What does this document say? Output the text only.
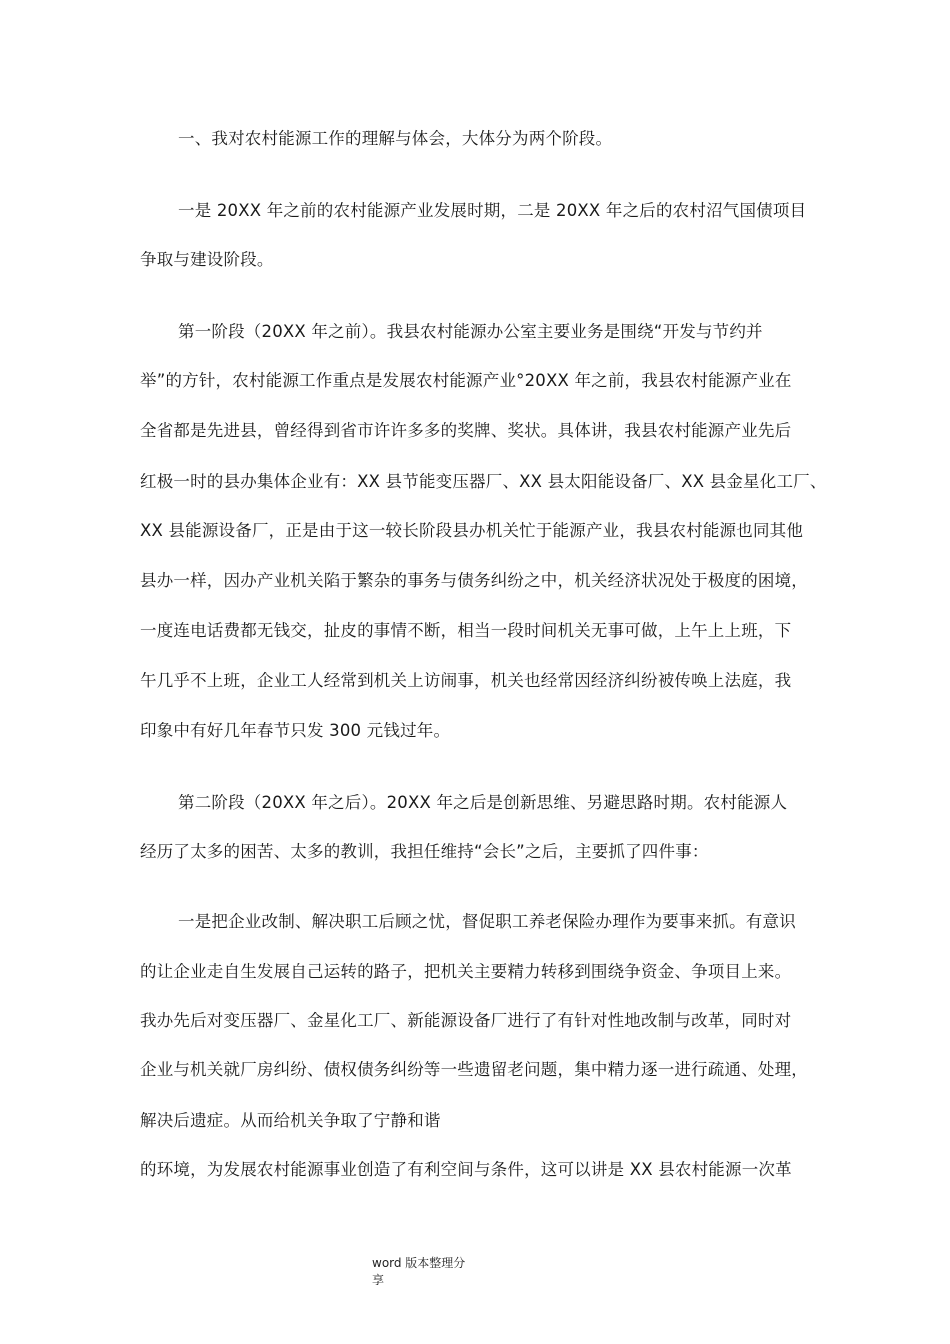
一、我对农村能源工作的理解与体会，大体分为两个阶段。
一是 20XX 年之前的农村能源产业发展时期，二是 20XX 年之后的农村沼气国债项目
争取与建设阶段。
第一阶段（20XX 年之前）。我县农村能源办公室主要业务是围绕“开发与节约并
举”的方针，农村能源工作重点是发展农村能源产业°20XX 年之前，我县农村能源产业在
全省都是先进县，曾经得到省市许许多多的奖牌、奖状。具体讲，我县农村能源产业先后
红极一时的县办集体企业有：XX 县节能变压器厂、XX 县太阳能设备厂、XX 县金星化工厂、
XX 县能源设备厂，正是由于这一较长阶段县办机关忙于能源产业，我县农村能源也同其他
县办一样，因办产业机关陷于繁杂的事务与债务纠纷之中，机关经济状况处于极度的困境，
一度连电话费都无钱交，扯皮的事情不断，相当一段时间机关无事可做，上午上上班，下
午几乎不上班，企业工人经常到机关上访闹事，机关也经常因经济纠纷被传唤上法庭，我
印象中有好几年春节只发 300 元钱过年。
第二阶段（20XX 年之后）。20XX 年之后是创新思维、另避思路时期。农村能源人
经历了太多的困苦、太多的教训，我担任维持“会长”之后，主要抓了四件事：
一是把企业改制、解决职工后顾之忧，督促职工养老保险办理作为要事来抓。有意识
的让企业走自生发展自己运转的路子，把机关主要精力转移到围绕争资金、争项目上来。
我办先后对变压器厂、金星化工厂、新能源设备厂进行了有针对性地改制与改革，同时对
企业与机关就厂房纠纷、债权债务纠纷等一些遗留老问题，集中精力逐一进行疏通、处理，
解决后遗症。从而给机关争取了宁静和谐
的环境，为发展农村能源事业创造了有利空间与条件，这可以讲是 XX 县农村能源一次革
word 版本整理分
享
